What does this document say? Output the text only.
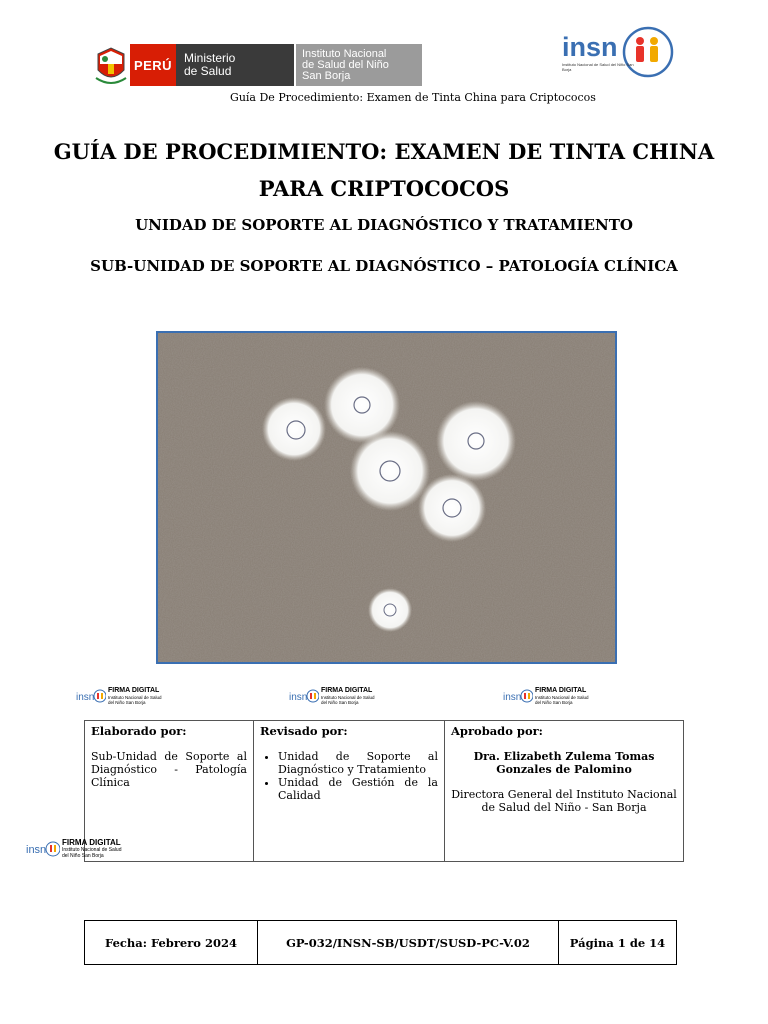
PERÚ Ministerio
de Salud
Instituto Nacional
de Salud del Niño
San Borja
insn
Instituto Nacional de Salud del Niño San Borja
Guía De Procedimiento: Examen de Tinta China para Criptococos
GUÍA DE PROCEDIMIENTO: EXAMEN DE TINTA CHINA
PARA CRIPTOCOCOS
UNIDAD DE SOPORTE AL DIAGNÓSTICO Y TRATAMIENTO
SUB-UNIDAD DE SOPORTE AL DIAGNÓSTICO – PATOLOGÍA CLÍNICA
insn
FIRMA DIGITAL
Instituto Nacional de Salud del Niño San Borja	insn
FIRMA DIGITAL
Instituto Nacional de Salud del Niño San Borja	insn
FIRMA DIGITAL
Instituto Nacional de Salud del Niño San Borja
Elaborado por:
Sub-Unidad de Soporte al Diagnóstico - Patología Clínica
Revisado por:
• Unidad de Soporte al Diagnóstico y Tratamiento
• Unidad de Gestión de la Calidad
Aprobado por:
Dra. Elizabeth Zulema Tomas Gonzales de Palomino
Directora General del Instituto Nacional de Salud del Niño - San Borja
insn
FIRMA DIGITAL
Instituto Nacional de Salud del Niño San Borja
Fecha: Febrero 2024	GP-032/INSN-SB/USDT/SUSD-PC-V.02	Página 1 de 14
